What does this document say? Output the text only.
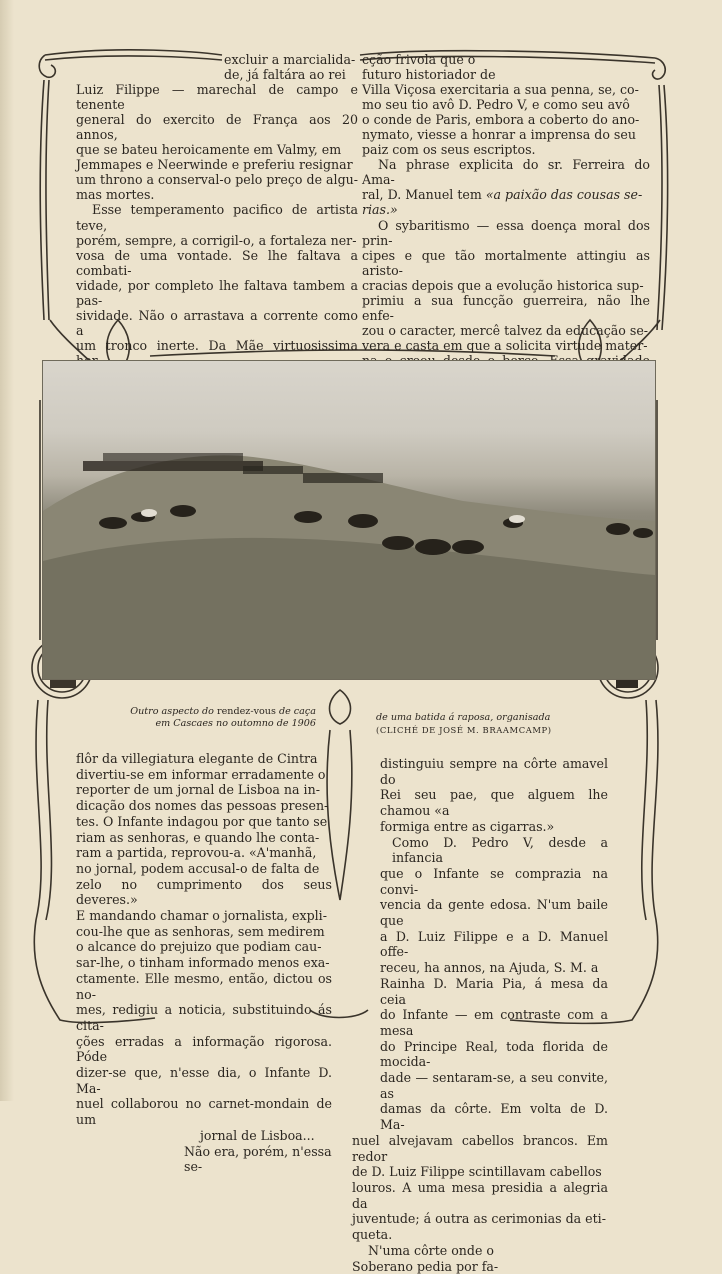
excluir a marcialida-

de, já faltára ao rei

Luiz Filippe — marechal de campo e tenente

general do exercito de França aos 20 annos,

que se bateu heroicamente em Valmy, em

Jemmapes e Neerwinde e preferiu resignar

um throno a conserval-o pelo preço de algu-

mas mortes.

Esse temperamento pacifico de artista teve,

porém, sempre, a corrigil-o, a fortaleza ner-

vosa de uma vontade. Se lhe faltava a combati-

vidade, por completo lhe faltava tambem a pas-

sividade. Não o arrastava a corrente como a

um tronco inerte. Da Mãe virtuosissima

cção frivola que o

futuro historiador de

Villa Viçosa exercitaria a sua penna, se, co-

mo seu tio avô D. Pedro V, e como seu avô

o conde de Paris, embora a coberto do ano-

nymato, viesse a honrar a imprensa do seu

paiz com os seus escriptos.

Na phrase explicita do sr. Ferreira do Ama-

ral, D. Manuel tem «a paixão das cousas se-

rias.»

O sybaritismo — essa doença moral dos prin-

cipes e que tão mortalmente attingiu as aristo-

cracias depois que a evolução historica sup-

primiu a sua funcção guerreira, não lhe enfe-

zou o caracter, mercê talvez da educação se-

vera e casta em que a solicita virtude mater-

Outro aspecto do rendez-vous de caça
em Cascaes no outomno de 1906
de uma batida á raposa, organisada
(CLICHÉ DE JOSÉ M. BRAAMCAMP)

flôr da villegiatura elegante de Cintra

divertiu-se em informar erradamente o

reporter de um jornal de Lisboa na in-

dicação dos nomes das pessoas presen-

tes. O Infante indagou por que tanto se

riam as senhoras, e quando lhe conta-

ram a partida, reprovou-a. «A'manhã,

no jornal, podem accusal-o de falta de

zelo no cumprimento dos seus deveres.»

E mandando chamar o jornalista, expli-

cou-lhe que as senhoras, sem medirem

o alcance do prejuizo que podiam cau-

sar-lhe, o tinham informado menos exa-

ctamente. Elle mesmo, então, dictou os no-

mes, redigiu a noticia, substituindo ás cita-

ções erradas a informação rigorosa. Póde

dizer-se que, n'esse dia, o Infante D. Ma-

nuel collaborou no carnet-mondain de um

jornal de Lisboa...

Não era, porém, n'essa se-

distinguiu sempre na côrte amavel do

Rei seu pae, que alguem lhe chamou «a

formiga entre as cigarras.»

Como D. Pedro V, desde a infancia

que o Infante se comprazia na convi-

vencia da gente edosa. N'um baile que

a D. Luiz Filippe e a D. Manuel offe-

receu, ha annos, na Ajuda, S. M. a

Rainha D. Maria Pia, á mesa da ceia

do Infante — em contraste com a mesa

do Principe Real, toda florida de mocida-

dade — sentaram-se, a seu convite, as

damas da côrte. Em volta de D. Ma-

nuel alvejavam cabellos brancos. Em redor

de D. Luiz Filippe scintillavam cabellos

louros. A uma mesa presidia a alegria da

juventude; á outra as cerimonias da eti-

queta.

N'uma côrte onde o

Soberano pedia por fa-
